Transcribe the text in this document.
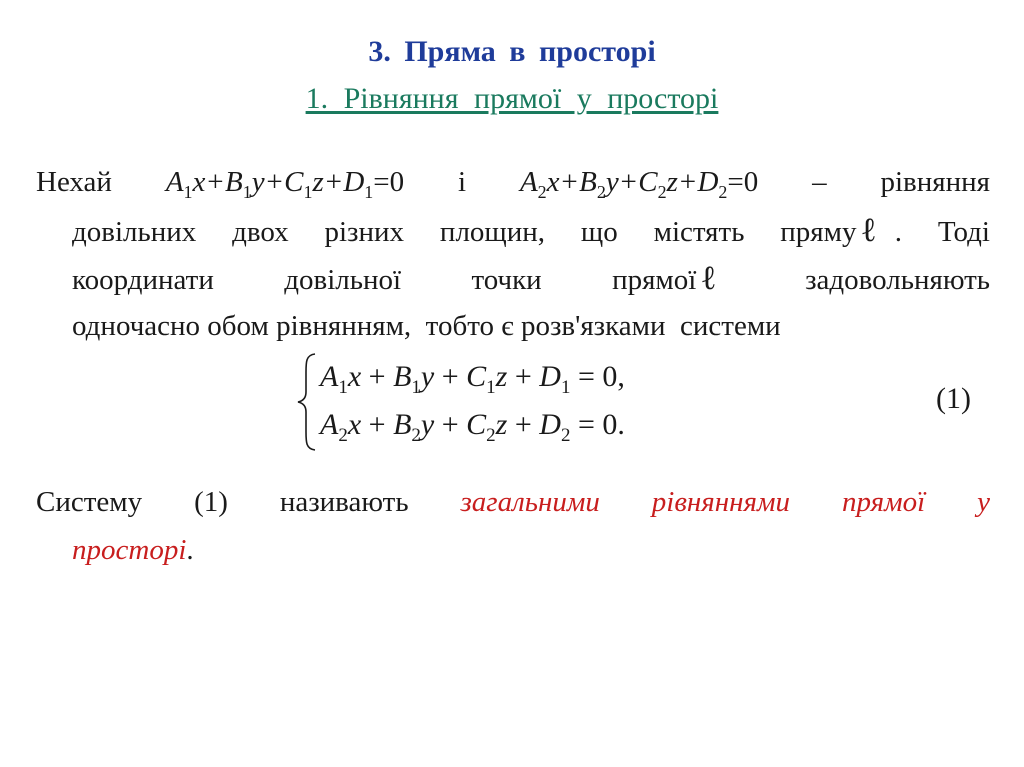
3. Пряма в просторі
1. Рівняння прямої у просторі
Нехай $A_1x+B_1y+C_1z+D_1=0$ і $A_2x+B_2y+C_2z+D_2=0$ – рівняння
довільних двох різних площин, що містять пряму ℓ . Тоді
координати довільної точки прямої ℓ	задовольняють
одночасно обом рівнянням,  тобто є розв'язками  системи
$A_1x + B_1y + C_1z + D_1 = 0$,
$A_2x + B_2y + C_2z + D_2 = 0$.
(1)
Систему (1) називають загальними рівняннями прямої у
просторі .
